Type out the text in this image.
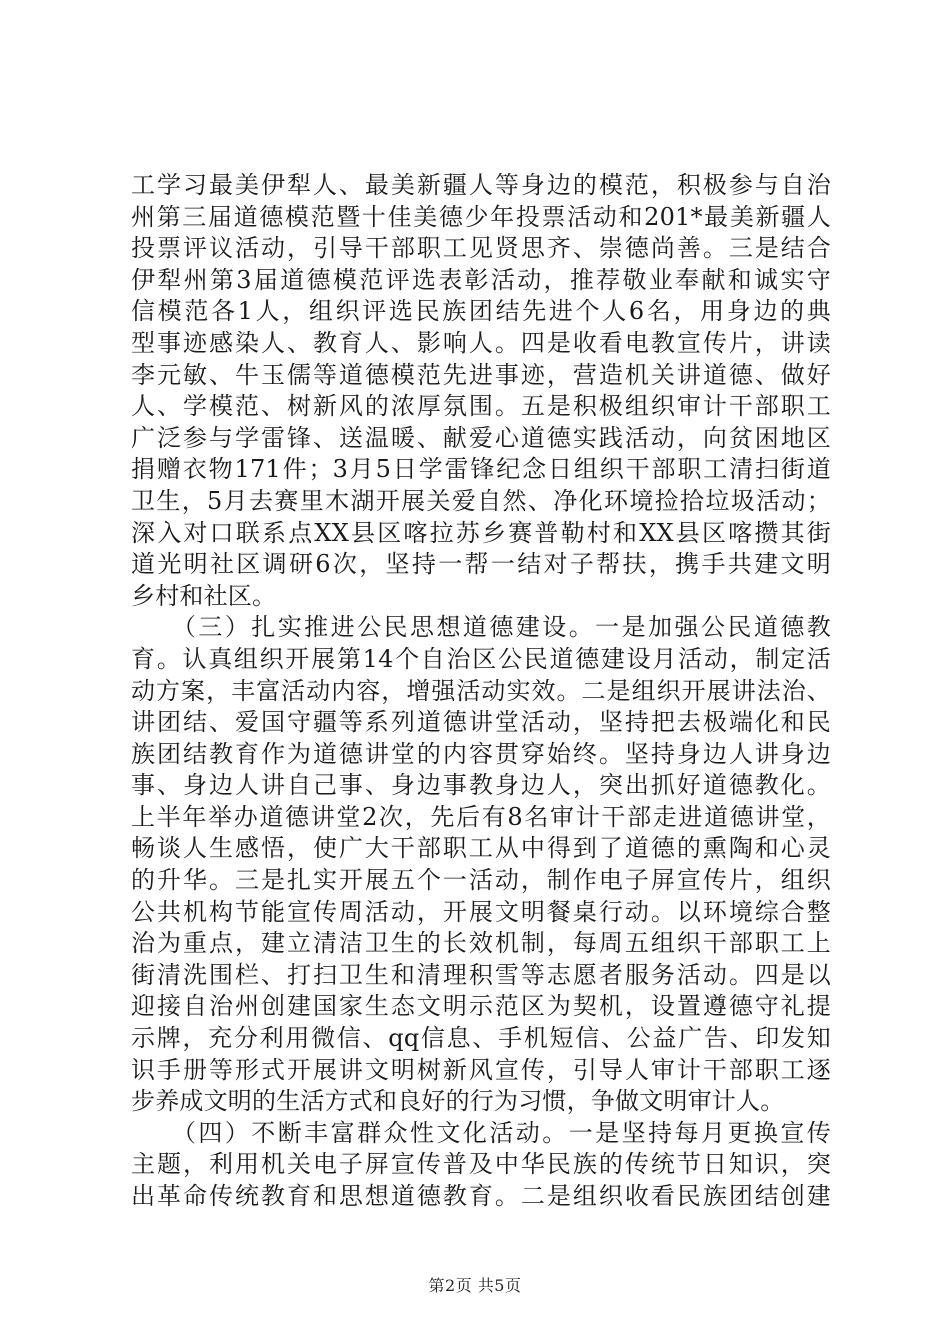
工学习最美伊犁人、最美新疆人等身边的模范，积极参与自治
州第三届道德模范暨十佳美德少年投票活动和201*最美新疆人
投票评议活动，引导干部职工见贤思齐、崇德尚善。三是结合
伊犁州第3届道德模范评选表彰活动，推荐敬业奉献和诚实守
信模范各1人，组织评选民族团结先进个人6名，用身边的典
型事迹感染人、教育人、影响人。四是收看电教宣传片，讲读
李元敏、牛玉儒等道德模范先进事迹，营造机关讲道德、做好
人、学模范、树新风的浓厚氛围。五是积极组织审计干部职工
广泛参与学雷锋、送温暖、献爱心道德实践活动，向贫困地区
捐赠衣物171件；3月5日学雷锋纪念日组织干部职工清扫街道
卫生，5月去赛里木湖开展关爱自然、净化环境捡拾垃圾活动；
深入对口联系点XX县区喀拉苏乡赛普勒村和XX县区喀攒其街
道光明社区调研6次，坚持一帮一结对子帮扶，携手共建文明
乡村和社区。
　　（三）扎实推进公民思想道德建设。一是加强公民道德教
育。认真组织开展第14个自治区公民道德建设月活动，制定活
动方案，丰富活动内容，增强活动实效。二是组织开展讲法治、
讲团结、爱国守疆等系列道德讲堂活动，坚持把去极端化和民
族团结教育作为道德讲堂的内容贯穿始终。坚持身边人讲身边
事、身边人讲自己事、身边事教身边人，突出抓好道德教化。
上半年举办道德讲堂2次，先后有8名审计干部走进道德讲堂，
畅谈人生感悟，使广大干部职工从中得到了道德的熏陶和心灵
的升华。三是扎实开展五个一活动，制作电子屏宣传片，组织
公共机构节能宣传周活动，开展文明餐桌行动。以环境综合整
治为重点，建立清洁卫生的长效机制，每周五组织干部职工上
街清洗围栏、打扫卫生和清理积雪等志愿者服务活动。四是以
迎接自治州创建国家生态文明示范区为契机，设置遵德守礼提
示牌，充分利用微信、qq信息、手机短信、公益广告、印发知
识手册等形式开展讲文明树新风宣传，引导人审计干部职工逐
步养成文明的生活方式和良好的行为习惯，争做文明审计人。
　　（四）不断丰富群众性文化活动。一是坚持每月更换宣传
主题，利用机关电子屏宣传普及中华民族的传统节日知识，突
出革命传统教育和思想道德教育。二是组织收看民族团结创建
第2页 共5页
